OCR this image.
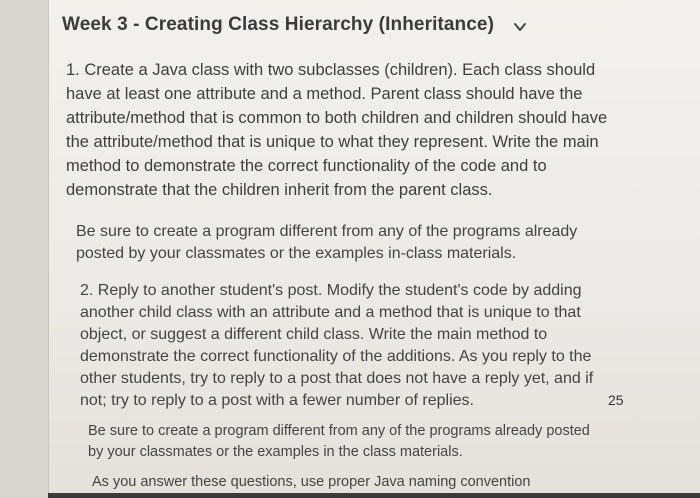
Week 3 - Creating Class Hierarchy (Inheritance)
1. Create a Java class with two subclasses (children). Each class should have at least one attribute and a method. Parent class should have the attribute/method that is common to both children and children should have the attribute/method that is unique to what they represent. Write the main method to demonstrate the correct functionality of the code and to demonstrate that the children inherit from the parent class.
Be sure to create a program different from any of the programs already posted by your classmates or the examples in-class materials.
2. Reply to another student's post. Modify the student's code by adding another child class with an attribute and a method that is unique to that object, or suggest a different child class. Write the main method to demonstrate the correct functionality of the additions. As you reply to the other students, try to reply to a post that does not have a reply yet, and if not; try to reply to a post with a fewer number of replies.
Be sure to create a program different from any of the programs already posted by your classmates or the examples in the class materials.
As you answer these questions, use proper Java naming convention
25
